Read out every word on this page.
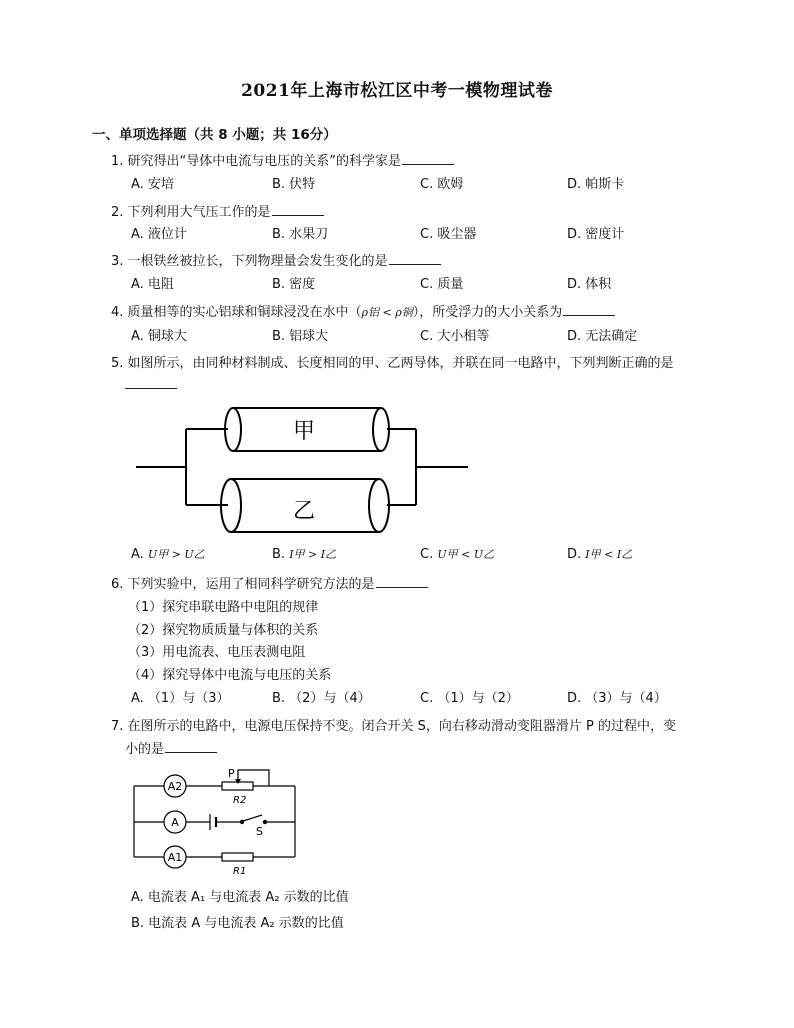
2021年上海市松江区中考一模物理试卷
一、单项选择题（共 8 小题；共 16分）
1. 研究得出“导体中电流与电压的关系”的科学家是
A. 安培	B. 伏特	C. 欧姆	D. 帕斯卡
2. 下列利用大气压工作的是
A. 液位计	B. 水果刀	C. 吸尘器	D. 密度计
3. 一根铁丝被拉长，下列物理量会发生变化的是
A. 电阻	B. 密度	C. 质量	D. 体积
4. 质量相等的实心铝球和铜球浸没在水中（ρ铝 < ρ铜），所受浮力的大小关系为
A. 铜球大	B. 铝球大	C. 大小相等	D. 无法确定
5. 如图所示，由同种材料制成、长度相同的甲、乙两导体，并联在同一电路中，下列判断正确的是
甲
乙
A. U甲 > U乙	B. I甲 > I乙	C. U甲 < U乙	D. I甲 < I乙
6. 下列实验中，运用了相同科学研究方法的是
（1）探究串联电路中电阻的规律
（2）探究物质质量与体积的关系
（3）用电流表、电压表测电阻
（4）探究导体中电流与电压的关系
A. （1）与（3）	B. （2）与（4）	C. （1）与（2）	D. （3）与（4）
7. 在图所示的电路中，电源电压保持不变。闭合开关 S，向右移动滑动变阻器滑片 P 的过程中，变
小的是
A2
A
A1
P
R2
R1
S
A. 电流表 A₁ 与电流表 A₂ 示数的比值
B. 电流表 A 与电流表 A₂ 示数的比值
